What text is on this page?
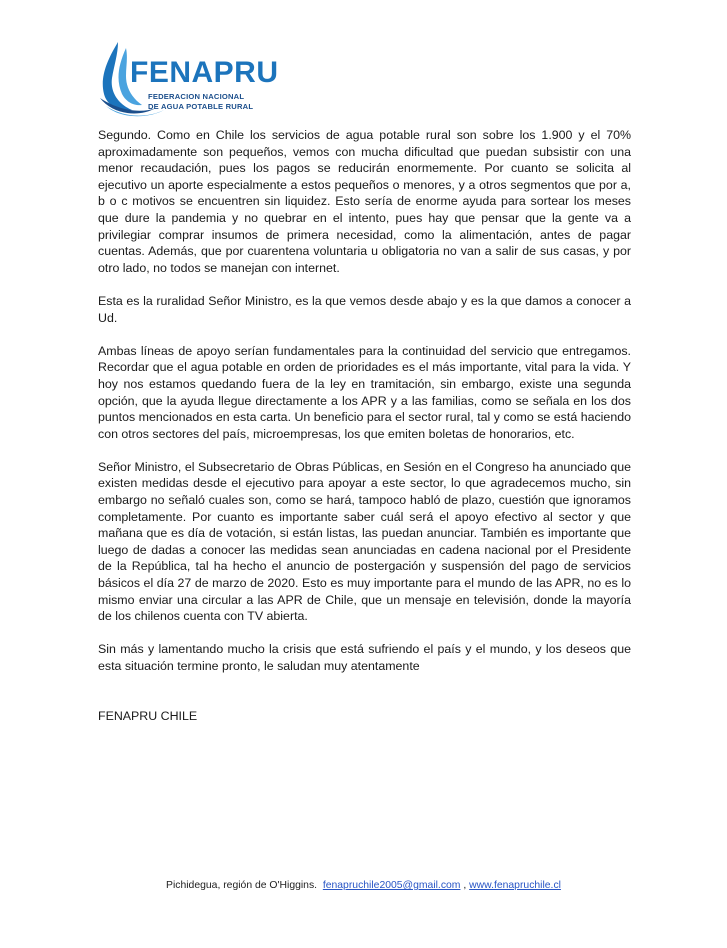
FENAPRU
FEDERACION NACIONAL
DE AGUA POTABLE RURAL

Segundo. Como en Chile los servicios de agua potable rural son sobre los 1.900 y el 70% aproximadamente son pequeños, vemos con mucha dificultad que puedan subsistir con una menor recaudación, pues los pagos se reducirán enormemente. Por cuanto se solicita al ejecutivo un aporte especialmente a estos pequeños o menores, y a otros segmentos que por a, b o c motivos se encuentren sin liquidez. Esto sería de enorme ayuda para sortear los meses que dure la pandemia y no quebrar en el intento, pues hay que pensar que la gente va a privilegiar comprar insumos de primera necesidad, como la alimentación, antes de pagar cuentas. Además, que por cuarentena voluntaria u obligatoria no van a salir de sus casas, y por otro lado, no todos se manejan con internet.

Esta es la ruralidad Señor Ministro, es la que vemos desde abajo y es la que damos a conocer a Ud.

Ambas líneas de apoyo serían fundamentales para la continuidad del servicio que entregamos. Recordar que el agua potable en orden de prioridades es el más importante, vital para la vida. Y hoy nos estamos quedando fuera de la ley en tramitación, sin embargo, existe una segunda opción, que la ayuda llegue directamente a los APR y a las familias, como se señala en los dos puntos mencionados en esta carta. Un beneficio para el sector rural, tal y como se está haciendo con otros sectores del país, microempresas, los que emiten boletas de honorarios, etc.

Señor Ministro, el Subsecretario de Obras Públicas, en Sesión en el Congreso ha anunciado que existen medidas desde el ejecutivo para apoyar a este sector, lo que agradecemos mucho, sin embargo no señaló cuales son, como se hará, tampoco habló de plazo, cuestión que ignoramos completamente. Por cuanto es importante saber cuál será el apoyo efectivo al sector y que mañana que es día de votación, si están listas, las puedan anunciar. También es importante que luego de dadas a conocer las medidas sean anunciadas en cadena nacional por el Presidente de la República, tal ha hecho el anuncio de postergación y suspensión del pago de servicios básicos el día 27 de marzo de 2020. Esto es muy importante para el mundo de las APR, no es lo mismo enviar una circular a las APR de Chile, que un mensaje en televisión, donde la mayoría de los chilenos cuenta con TV abierta.

Sin más y lamentando mucho la crisis que está sufriendo el país y el mundo, y los deseos que esta situación termine pronto, le saludan muy atentamente

FENAPRU CHILE

Pichidegua, región de O'Higgins. fenapruchile2005@gmail.com , www.fenapruchile.cl
